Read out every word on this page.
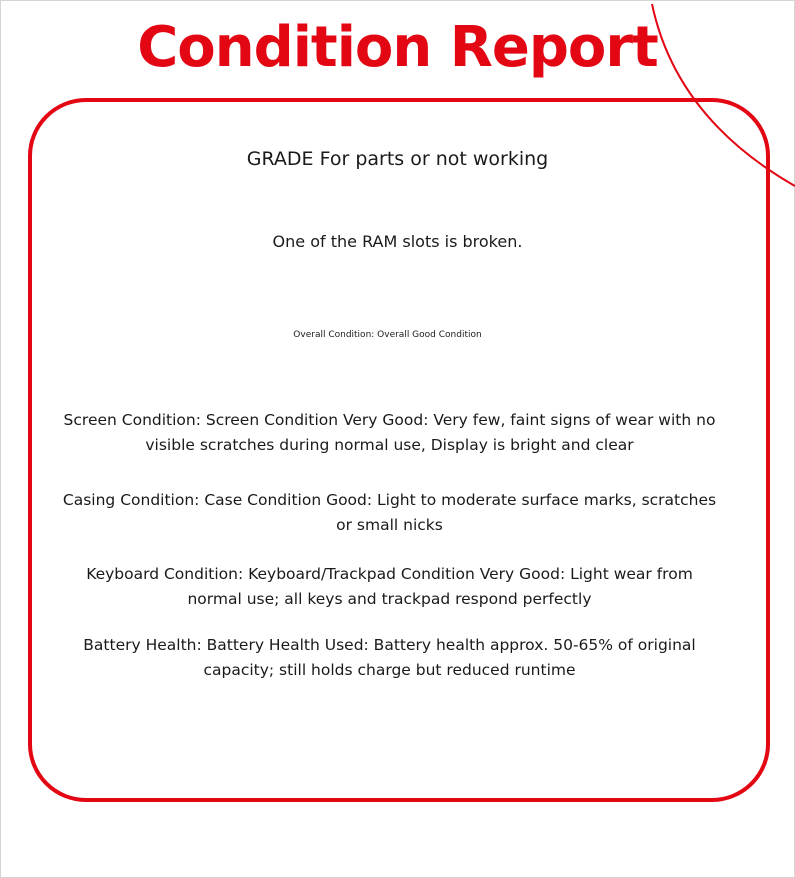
Condition Report
GRADE For parts or not working
One of the RAM slots is broken.
Overall Condition: Overall Good Condition
Screen Condition: Screen Condition Very Good: Very few, faint signs of wear with no visible scratches during normal use, Display is bright and clear
Casing Condition: Case Condition Good: Light to moderate surface marks, scratches or small nicks
Keyboard Condition: Keyboard/Trackpad Condition Very Good: Light wear from normal use; all keys and trackpad respond perfectly
Battery Health: Battery Health Used: Battery health approx. 50-65% of original capacity; still holds charge but reduced runtime
